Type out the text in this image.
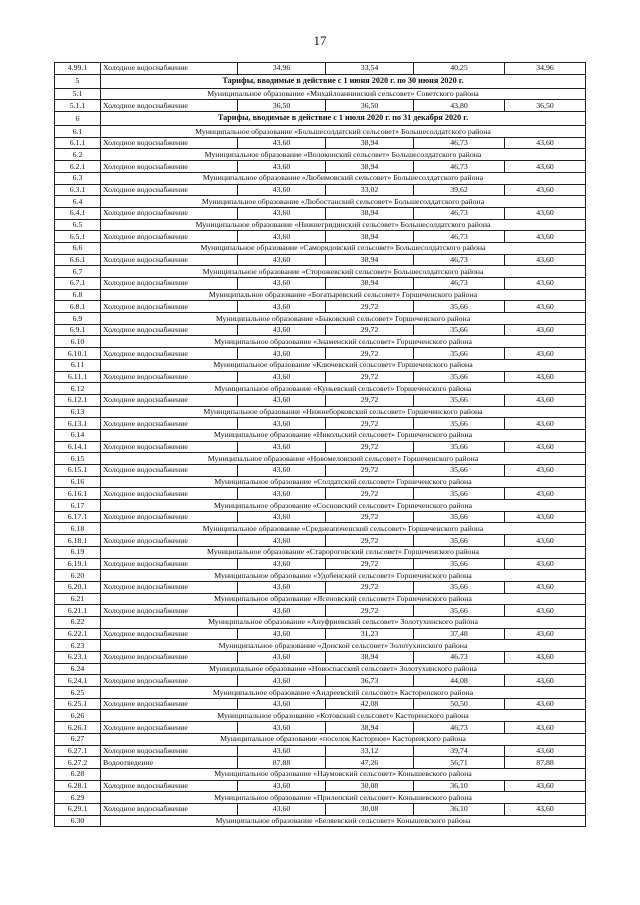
17
4.99.1	Холодное водоснабжение	34,96	33,54	40,25	34,96
5	Тарифы, вводимые в действие с 1 июня 2020 г. по 30 июня 2020 г.				
5.1	Муниципальное образование «Михайлоаннинский сельсовет» Советского района				
5.1.1	Холодное водоснабжение	36,50	36,50	43,80	36,50
6	Тарифы, вводимые в действие с 1 июля 2020 г. по 31 декабря 2020 г.				
6.1	Муниципальное образование «Большесолдатский сельсовет» Большесолдатского района				
6.1.1	Холодное водоснабжение	43,60	38,94	46,73	43,60
6.2	Муниципальное образование «Волоконский сельсовет» Большесолдатского района				
6.2.1	Холодное водоснабжение	43,60	38,94	46,73	43,60
6.3	Муниципальное образование «Любимовский сельсовет» Большесолдатского района				
6.3.1	Холодное водоснабжение	43,60	33,02	39,62	43,60
6.4	Муниципальное образование «Любостанский сельсовет» Большесолдатского района				
6.4.1	Холодное водоснабжение	43,60	38,94	46,73	43,60
6.5	Муниципальное образование «Нижнегридинский сельсовет» Большесолдатского района				
6.5.1	Холодное водоснабжение	43,60	38,94	46,73	43,60
6.6	Муниципальное образование «Саморядовский сельсовет» Большесолдатского района				
6.6.1	Холодное водоснабжение	43,60	38,94	46,73	43,60
6.7	Муниципальное образование «Сторожевский сельсовет» Большесолдатского района				
6.7.1	Холодное водоснабжение	43,60	38,94	46,73	43,60
6.8	Муниципальное образование «Богатыревский сельсовет» Горшеченского района				
6.8.1	Холодное водоснабжение	43,60	29,72	35,66	43,60
6.9	Муниципальное образование «Быковский сельсовет» Горшеченского района				
6.9.1	Холодное водоснабжение	43,60	29,72	35,66	43,60
6.10	Муниципальное образование «Знаменский сельсовет» Горшеченского района				
6.10.1	Холодное водоснабжение	43,60	29,72	35,66	43,60
6.11	Муниципальное образование «Ключевский сельсовет» Горшеченского района				
6.11.1	Холодное водоснабжение	43,60	29,72	35,66	43,60
6.12	Муниципальное образование «Куньевский сельсовет» Горшеченского района				
6.12.1	Холодное водоснабжение	43,60	29,72	35,66	43,60
6.13	Муниципальное образование «Нижнеборковский сельсовет» Горшеченского района				
6.13.1	Холодное водоснабжение	43,60	29,72	35,66	43,60
6.14	Муниципальное образование «Никольский сельсовет» Горшеченского района				
6.14.1	Холодное водоснабжение	43,60	29,72	35,66	43,60
6.15	Муниципальное образование «Новомеловский сельсовет» Горшеченского района				
6.15.1	Холодное водоснабжение	43,60	29,72	35,66	43,60
6.16	Муниципальное образование «Солдатский сельсовет» Горшеченского района				
6.16.1	Холодное водоснабжение	43,60	29,72	35,66	43,60
6.17	Муниципальное образование «Сосновский сельсовет» Горшеченского района				
6.17.1	Холодное водоснабжение	43,60	29,72	35,66	43,60
6.18	Муниципальное образование «Среднеапоченский сельсовет» Горшеченского района				
6.18.1	Холодное водоснабжение	43,60	29,72	35,66	43,60
6.19	Муниципальное образование «Старороговский сельсовет» Горшеченского района				
6.19.1	Холодное водоснабжение	43,60	29,72	35,66	43,60
6.20	Муниципальное образование «Удобенский сельсовет» Горшеченского района				
6.20.1	Холодное водоснабжение	43,60	29,72	35,66	43,60
6.21	Муниципальное образование «Ясеновский сельсовет» Горшеченского района				
6.21.1	Холодное водоснабжение	43,60	29,72	35,66	43,60
6.22	Муниципальное образование «Ануфриевский сельсовет» Золотухинского района				
6.22.1	Холодное водоснабжение	43,60	31,23	37,48	43,60
6.23	Муниципальное образование «Донской сельсовет» Золотухинского района				
6.23.1	Холодное водоснабжение	43,60	38,94	46,73	43,60
6.24	Муниципальное образование «Новоспасский сельсовет» Золотухинского района				
6.24.1	Холодное водоснабжение	43,60	36,73	44,08	43,60
6.25	Муниципальное образование «Андреевский сельсовет» Касторенского района				
6.25.1	Холодное водоснабжение	43,60	42,08	50,50	43,60
6.26	Муниципальное образование «Котовский сельсовет» Касторенского района				
6.26.1	Холодное водоснабжение	43,60	38,94	46,73	43,60
6.27	Муниципальное образование «поселок Касторное» Касторенского района				
6.27.1	Холодное водоснабжение	43,60	33,12	39,74	43,60
6.27.2	Водоотведение	87,88	47,26	56,71	87,88
6.28	Муниципальное образование «Наумовский сельсовет» Конышевского района				
6.28.1	Холодное водоснабжение	43,60	30,08	36,10	43,60
6.29	Муниципальное образование «Прилепский сельсовет» Конышевского района				
6.29.1	Холодное водоснабжение	43,60	30,08	36,10	43,60
6.30	Муниципальное образование «Беляевский сельсовет» Конышевского района				
